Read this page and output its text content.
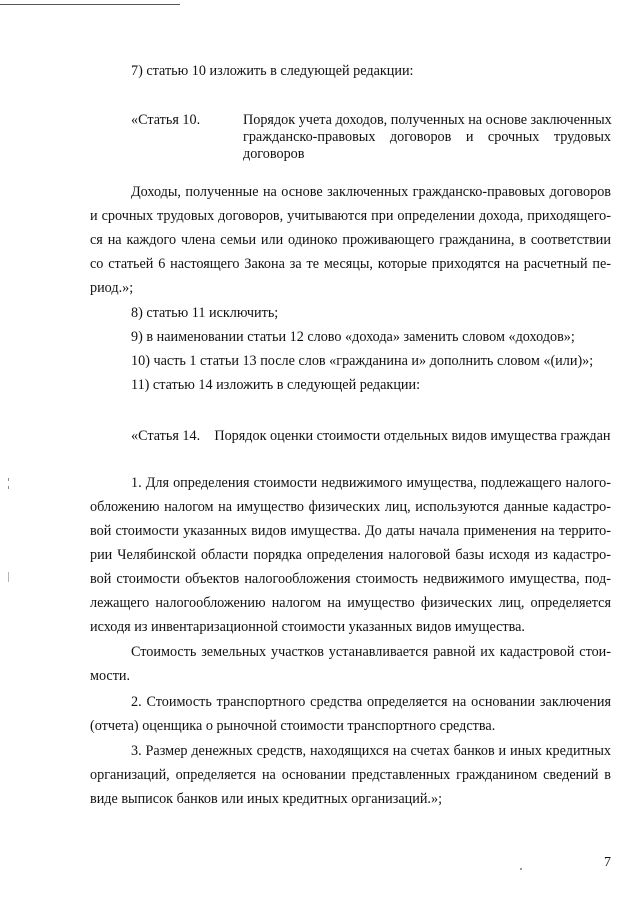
7) статью 10 изложить в следующей редакции:
«Статья 10.	Порядок учета доходов, полученных на основе заключенных
гражданско-правовых договоров и срочных трудовых
договоров
Доходы, полученные на основе заключенных гражданско-правовых договоров
и срочных трудовых договоров, учитываются при определении дохода, приходящего-
ся на каждого члена семьи или одиноко проживающего гражданина, в соответствии
со статьей 6 настоящего Закона за те месяцы, которые приходятся на расчетный пе-
риод.»;
8) статью 11 исключить;
9) в наименовании статьи 12 слово «дохода» заменить словом «доходов»;
10) часть 1 статьи 13 после слов «гражданина и» дополнить словом «(или)»;
11) статью 14 изложить в следующей редакции:
«Статья 14.    Порядок оценки стоимости отдельных видов имущества граждан
1. Для определения стоимости недвижимого имущества, подлежащего налого-
обложению налогом на имущество физических лиц, используются данные кадастро-
вой стоимости указанных видов имущества. До даты начала применения на террито-
рии Челябинской области порядка определения налоговой базы исходя из кадастро-
вой стоимости объектов налогообложения стоимость недвижимого имущества, под-
лежащего налогообложению налогом на имущество физических лиц, определяется
исходя из инвентаризационной стоимости указанных видов имущества.
Стоимость земельных участков устанавливается равной их кадастровой стои-
мости.
2. Стоимость транспортного средства определяется на основании заключения
(отчета) оценщика о рыночной стоимости транспортного средства.
3. Размер денежных средств, находящихся на счетах банков и иных кредитных
организаций, определяется на основании представленных гражданином сведений в
виде выписок банков или иных кредитных организаций.»;
7
